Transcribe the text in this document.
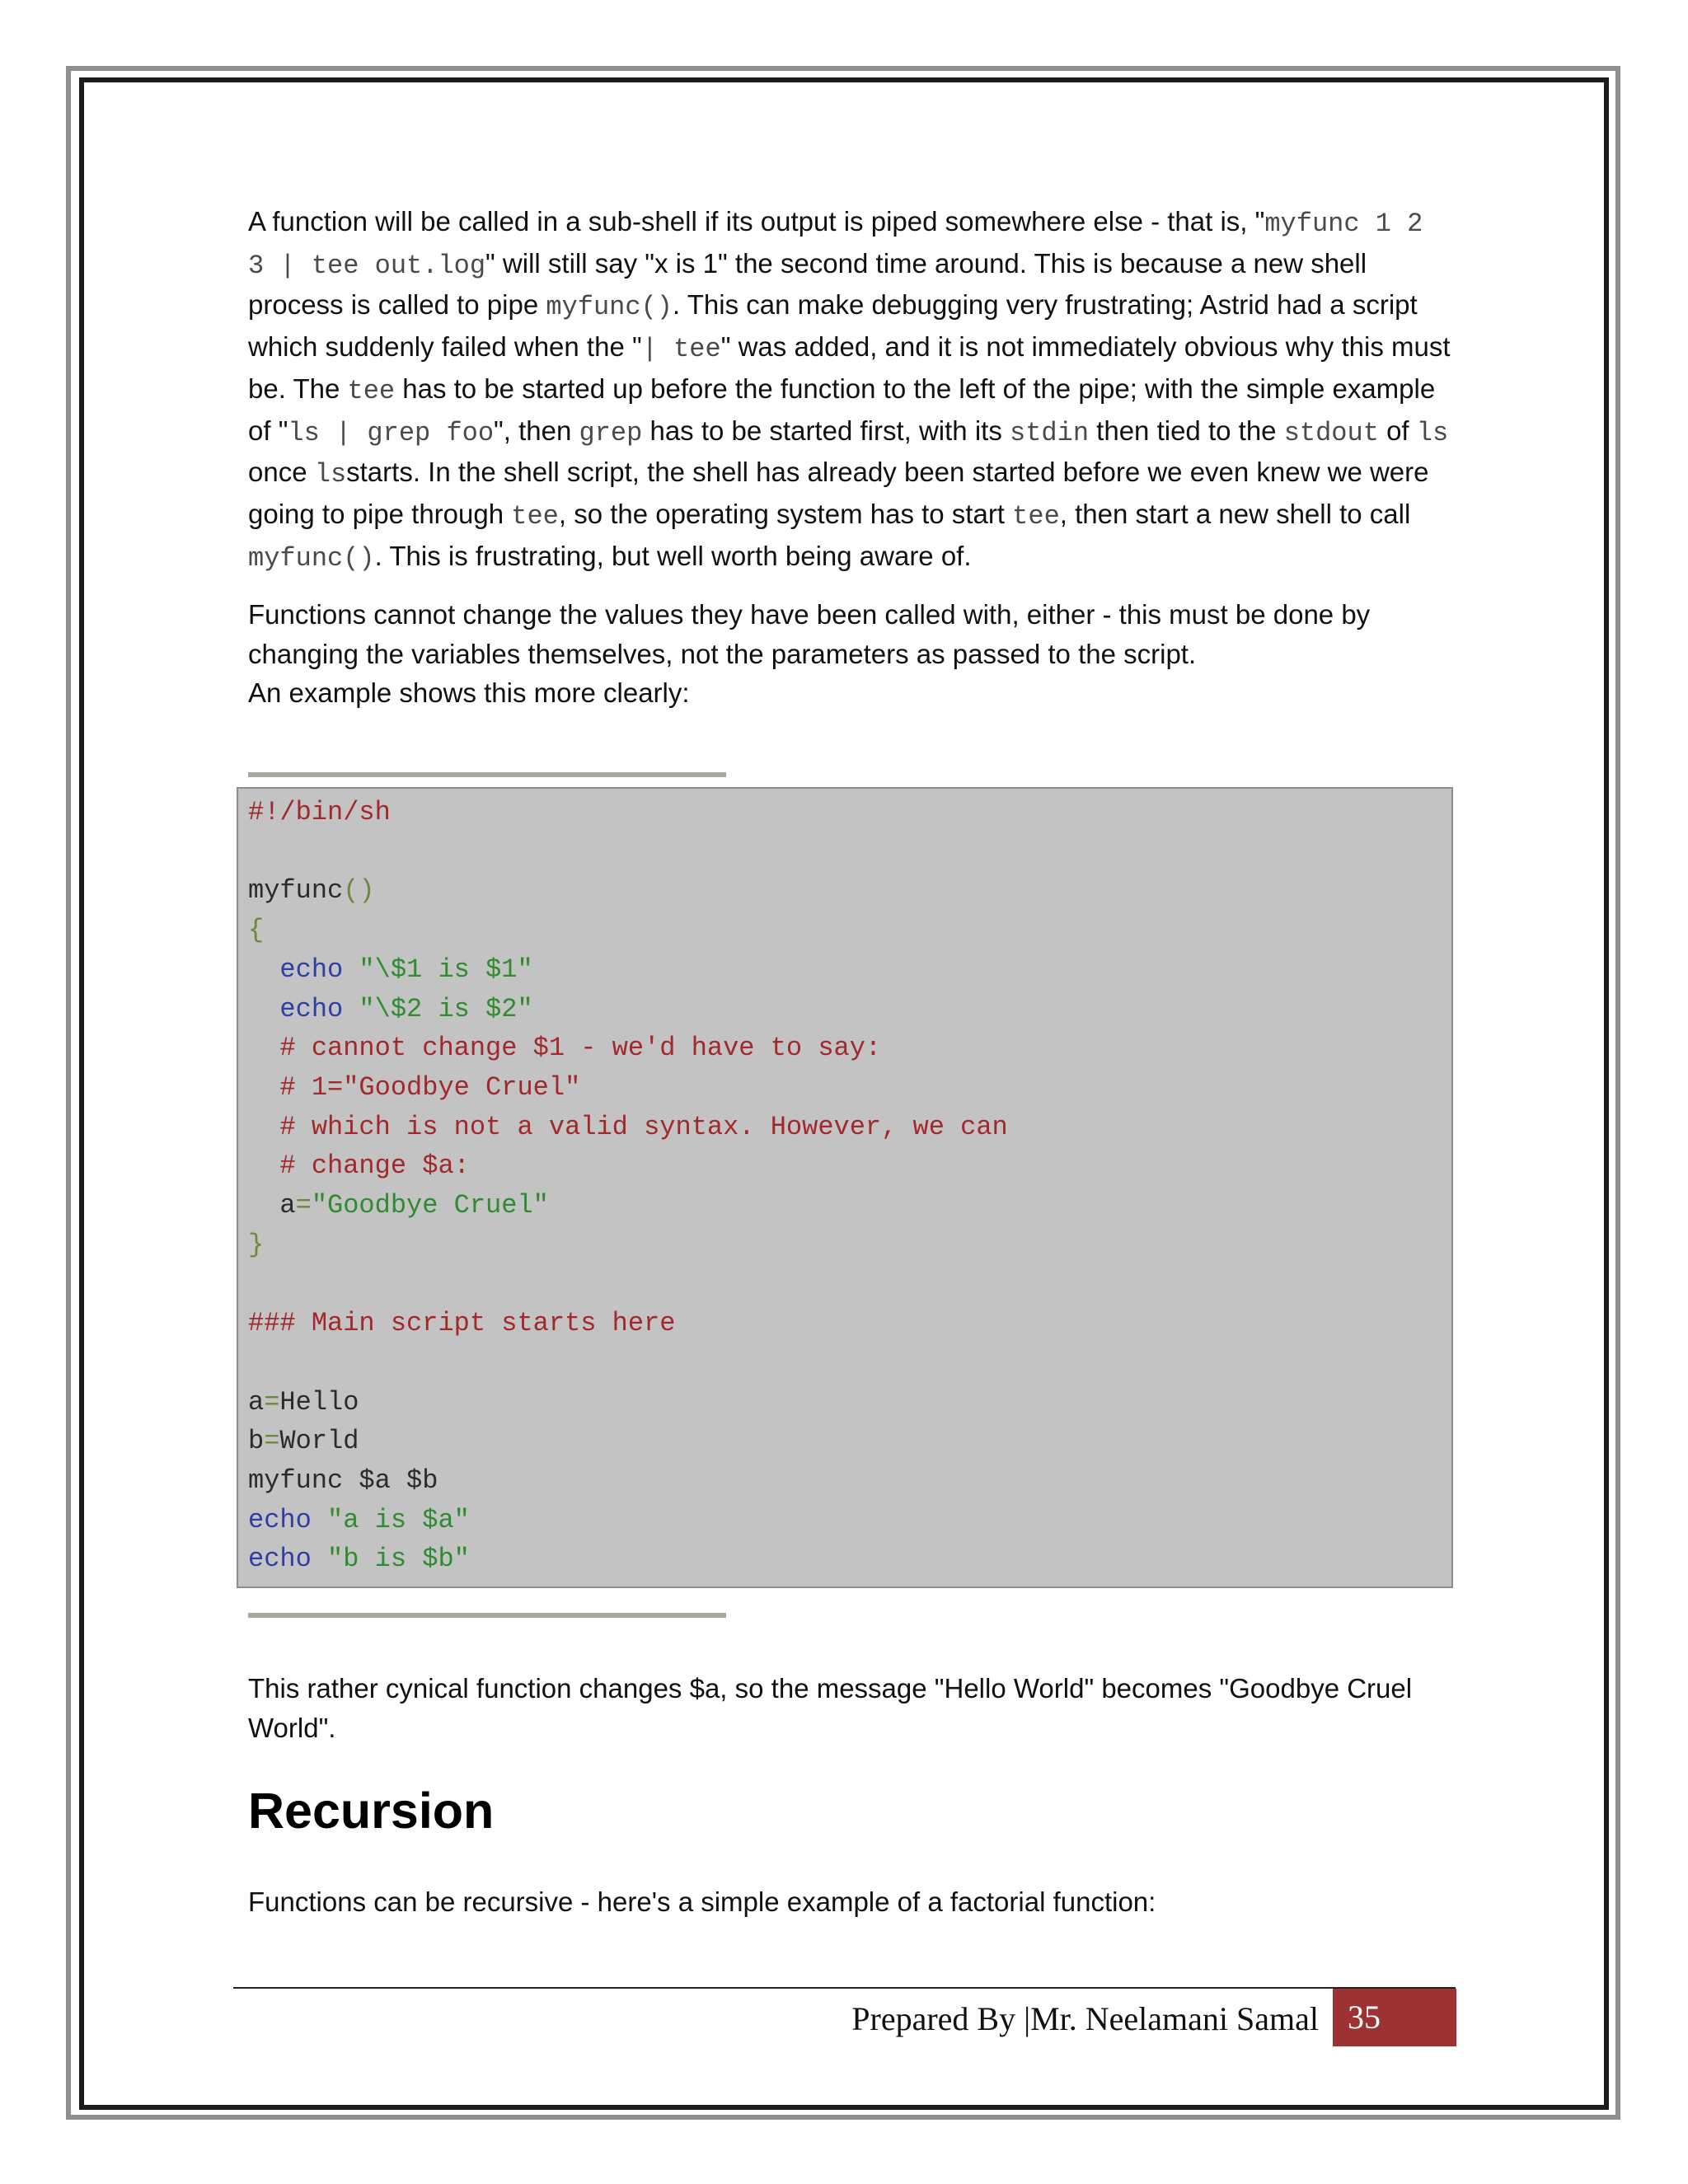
A function will be called in a sub-shell if its output is piped somewhere else - that is, "myfunc 1 2 3 | tee out.log" will still say "x is 1" the second time around. This is because a new shell process is called to pipe myfunc(). This can make debugging very frustrating; Astrid had a script which suddenly failed when the "| tee" was added, and it is not immediately obvious why this must be. The tee has to be started up before the function to the left of the pipe; with the simple example of "ls | grep foo", then grep has to be started first, with its stdin then tied to the stdout of ls once lsstarts. In the shell script, the shell has already been started before we even knew we were going to pipe through tee, so the operating system has to start tee, then start a new shell to call myfunc(). This is frustrating, but well worth being aware of.
Functions cannot change the values they have been called with, either - this must be done by changing the variables themselves, not the parameters as passed to the script.
An example shows this more clearly:
#!/bin/sh
myfunc()
{
echo "\$1 is $1"
echo "\$2 is $2"
# cannot change $1 - we'd have to say:
# 1="Goodbye Cruel"
# which is not a valid syntax. However, we can
# change $a:
a="Goodbye Cruel"
}
### Main script starts here
a=Hello
b=World
myfunc $a $b
echo "a is $a"
echo "b is $b"
This rather cynical function changes $a, so the message "Hello World" becomes "Goodbye Cruel World".
Recursion
Functions can be recursive - here's a simple example of a factorial function:
Prepared By |Mr. Neelamani Samal 35
